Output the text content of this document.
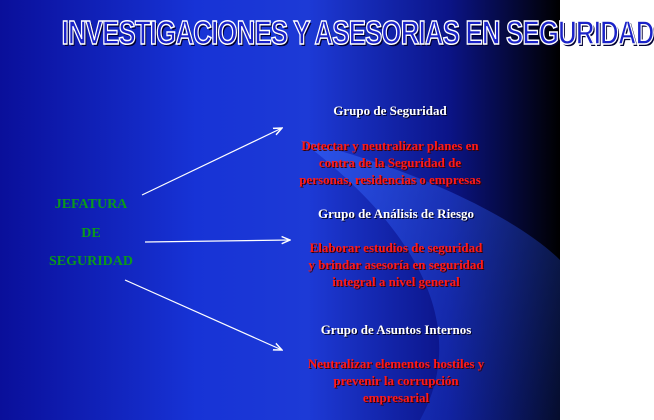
INVESTIGACIONES Y ASESORIAS EN SEGURIDAD
JEFATURA
DE
SEGURIDAD
Grupo de Seguridad
Detectar y neutralizar planes en
contra de la Seguridad de
personas, residencias o empresas
Grupo de Análisis de Riesgo
Elaborar estudios de seguridad
y brindar asesoría en seguridad
integral a nivel general
Grupo de Asuntos Internos
Neutralizar elementos hostiles y
prevenir la corrupción
empresarial
